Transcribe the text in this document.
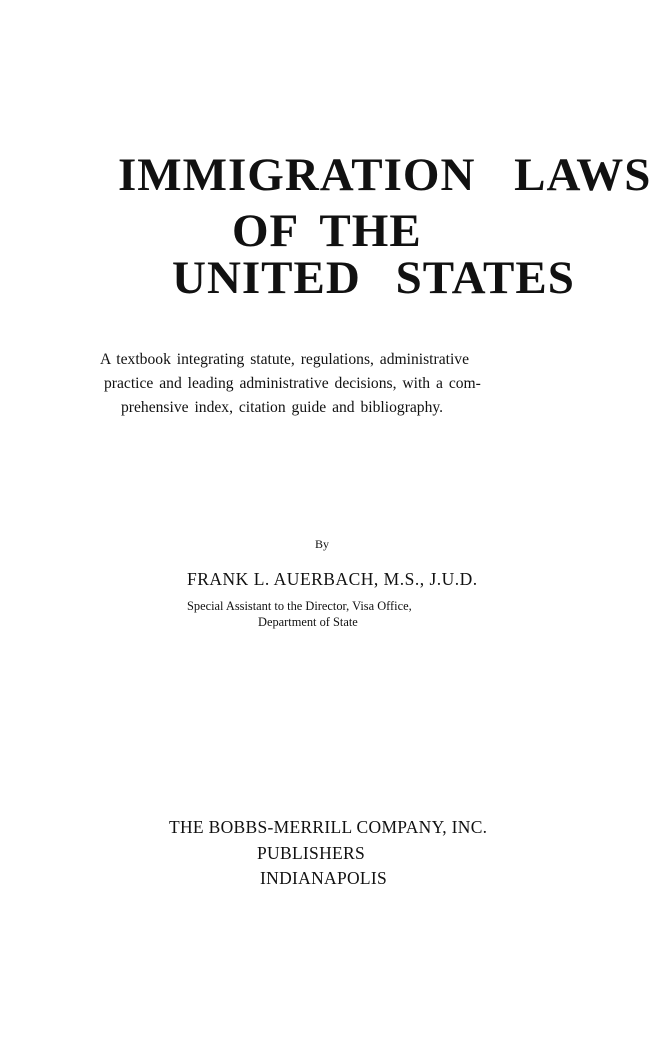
IMMIGRATION LAWS
OF THE
UNITED STATES
A textbook integrating statute, regulations, administrative
practice and leading administrative decisions, with a com-
prehensive index, citation guide and bibliography.
By
FRANK L. AUERBACH, M.S., J.U.D.
Special Assistant to the Director, Visa Office,
Department of State
THE BOBBS-MERRILL COMPANY, INC.
PUBLISHERS
INDIANAPOLIS
